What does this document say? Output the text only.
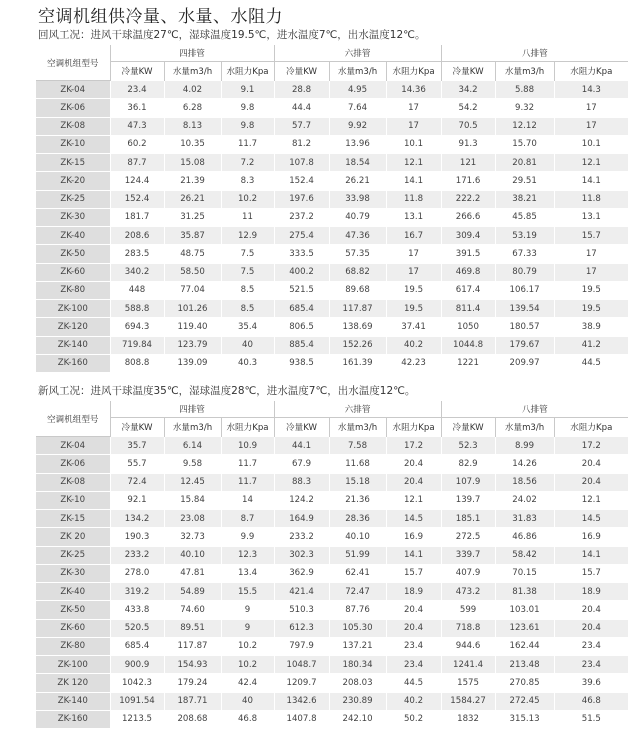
空调机组供冷量、水量、水阻力
回风工况：进风干球温度27℃，湿球温度19.5℃，进水温度7℃，出水温度12℃。
空调机组型号	四排管			六排管			八排管		
	冷量KW	水量m3/h	水阻力Kpa	冷量KW	水量m3/h	水阻力Kpa	冷量KW	水量m3/h	水阻力Kpa
ZK-04	23.4	4.02	9.1	28.8	4.95	14.36	34.2	5.88	14.3
ZK-06	36.1	6.28	9.8	44.4	7.64	17	54.2	9.32	17
ZK-08	47.3	8.13	9.8	57.7	9.92	17	70.5	12.12	17
ZK-10	60.2	10.35	11.7	81.2	13.96	10.1	91.3	15.70	10.1
ZK-15	87.7	15.08	7.2	107.8	18.54	12.1	121	20.81	12.1
ZK-20	124.4	21.39	8.3	152.4	26.21	14.1	171.6	29.51	14.1
ZK-25	152.4	26.21	10.2	197.6	33.98	11.8	222.2	38.21	11.8
ZK-30	181.7	31.25	11	237.2	40.79	13.1	266.6	45.85	13.1
ZK-40	208.6	35.87	12.9	275.4	47.36	16.7	309.4	53.19	15.7
ZK-50	283.5	48.75	7.5	333.5	57.35	17	391.5	67.33	17
ZK-60	340.2	58.50	7.5	400.2	68.82	17	469.8	80.79	17
ZK-80	448	77.04	8.5	521.5	89.68	19.5	617.4	106.17	19.5
ZK-100	588.8	101.26	8.5	685.4	117.87	19.5	811.4	139.54	19.5
ZK-120	694.3	119.40	35.4	806.5	138.69	37.41	1050	180.57	38.9
ZK-140	719.84	123.79	40	885.4	152.26	40.2	1044.8	179.67	41.2
ZK-160	808.8	139.09	40.3	938.5	161.39	42.23	1221	209.97	44.5
新风工况：进风干球温度35℃，湿球温度28℃，进水温度7℃，出水温度12℃。
空调机组型号	四排管			六排管			八排管		
	冷量KW	水量m3/h	水阻力Kpa	冷量KW	水量m3/h	水阻力Kpa	冷量KW	水量m3/h	水阻力Kpa
ZK-04	35.7	6.14	10.9	44.1	7.58	17.2	52.3	8.99	17.2
ZK-06	55.7	9.58	11.7	67.9	11.68	20.4	82.9	14.26	20.4
ZK-08	72.4	12.45	11.7	88.3	15.18	20.4	107.9	18.56	20.4
ZK-10	92.1	15.84	14	124.2	21.36	12.1	139.7	24.02	12.1
ZK-15	134.2	23.08	8.7	164.9	28.36	14.5	185.1	31.83	14.5
ZK 20	190.3	32.73	9.9	233.2	40.10	16.9	272.5	46.86	16.9
ZK-25	233.2	40.10	12.3	302.3	51.99	14.1	339.7	58.42	14.1
ZK-30	278.0	47.81	13.4	362.9	62.41	15.7	407.9	70.15	15.7
ZK-40	319.2	54.89	15.5	421.4	72.47	18.9	473.2	81.38	18.9
ZK-50	433.8	74.60	9	510.3	87.76	20.4	599	103.01	20.4
ZK-60	520.5	89.51	9	612.3	105.30	20.4	718.8	123.61	20.4
ZK-80	685.4	117.87	10.2	797.9	137.21	23.4	944.6	162.44	23.4
ZK-100	900.9	154.93	10.2	1048.7	180.34	23.4	1241.4	213.48	23.4
ZK 120	1042.3	179.24	42.4	1209.7	208.03	44.5	1575	270.85	39.6
ZK-140	1091.54	187.71	40	1342.6	230.89	40.2	1584.27	272.45	46.8
ZK-160	1213.5	208.68	46.8	1407.8	242.10	50.2	1832	315.13	51.5
